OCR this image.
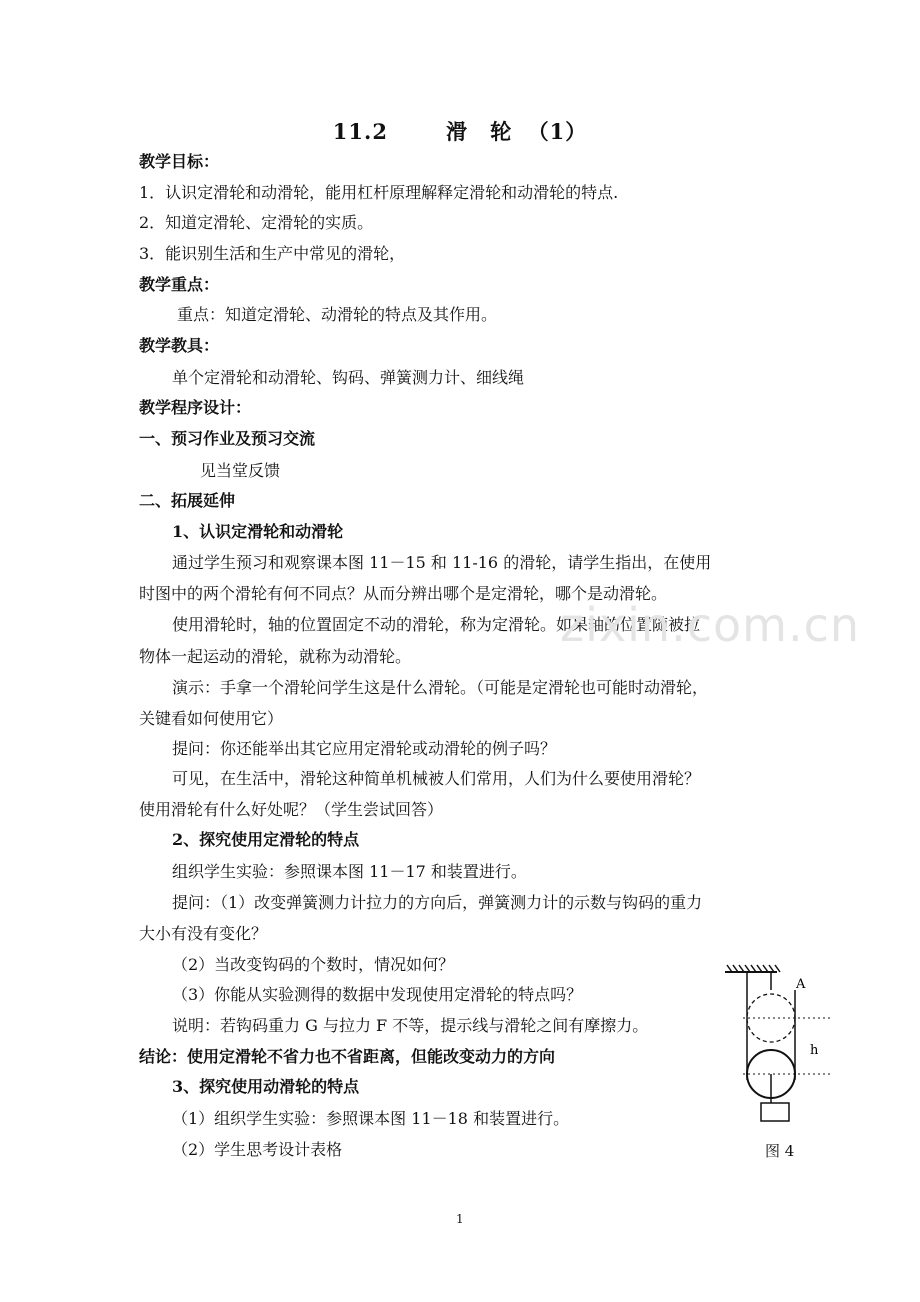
11.2	滑 轮 （1）
教学目标：
1．认识定滑轮和动滑轮，能用杠杆原理解释定滑轮和动滑轮的特点.
2．知道定滑轮、定滑轮的实质。
3．能识别生活和生产中常见的滑轮，
教学重点：
重点：知道定滑轮、动滑轮的特点及其作用。
教学教具：
单个定滑轮和动滑轮、钩码、弹簧测力计、细线绳
教学程序设计：
一、预习作业及预习交流
见当堂反馈
二、拓展延伸
1、认识定滑轮和动滑轮
通过学生预习和观察课本图 11－15 和 11-16 的滑轮，请学生指出，在使用
时图中的两个滑轮有何不同点？从而分辨出哪个是定滑轮，哪个是动滑轮。
使用滑轮时，轴的位置固定不动的滑轮，称为定滑轮。如果轴的位置随被拉
物体一起运动的滑轮，就称为动滑轮。
演示：手拿一个滑轮问学生这是什么滑轮。（可能是定滑轮也可能时动滑轮，
关键看如何使用它）
提问：你还能举出其它应用定滑轮或动滑轮的例子吗？
可见，在生活中，滑轮这种简单机械被人们常用，人们为什么要使用滑轮？
使用滑轮有什么好处呢？（学生尝试回答）
2、探究使用定滑轮的特点
组织学生实验：参照课本图 11－17 和装置进行。
提问：（1）改变弹簧测力计拉力的方向后，弹簧测力计的示数与钩码的重力
大小有没有变化？
（2）当改变钩码的个数时，情况如何？
（3）你能从实验测得的数据中发现使用定滑轮的特点吗？
说明：若钩码重力 G 与拉力 F 不等，提示线与滑轮之间有摩擦力。
结论：使用定滑轮不省力也不省距离，但能改变动力的方向
3、探究使用动滑轮的特点
（1）组织学生实验：参照课本图 11－18 和装置进行。
（2）学生思考设计表格
zixin.com.cn
A
h
图 4
1
